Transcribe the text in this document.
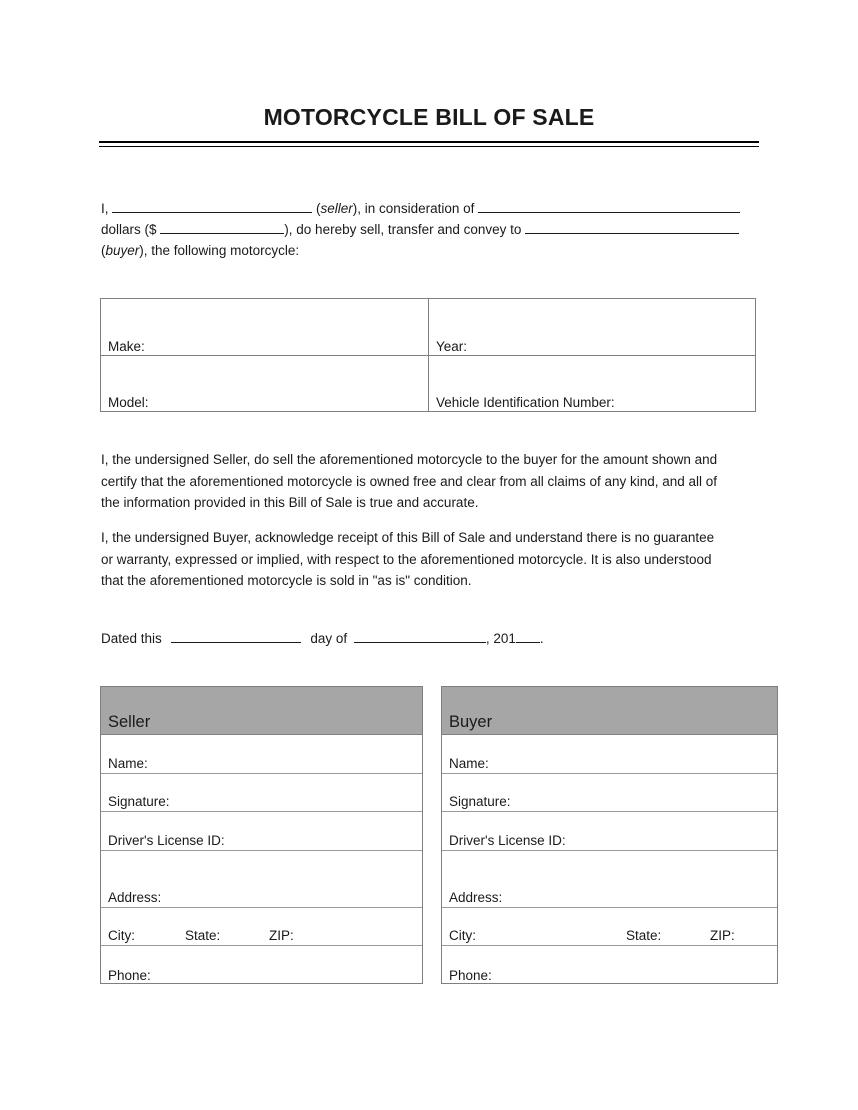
MOTORCYCLE BILL OF SALE
I,	(seller), in consideration of
dollars ($	), do hereby sell, transfer and convey to
(buyer), the following motorcycle:
Make:	Year:
Model:	Vehicle Identification Number:
I, the undersigned Seller, do sell the aforementioned motorcycle to the buyer for the amount shown and
certify that the aforementioned motorcycle is owned free and clear from all claims of any kind, and all of
the information provided in this Bill of Sale is true and accurate.
I, the undersigned Buyer, acknowledge receipt of this Bill of Sale and understand there is no guarantee
or warranty, expressed or implied, with respect to the aforementioned motorcycle. It is also understood
that the aforementioned motorcycle is sold in "as is" condition.
Dated this	day of	, 201 .
Seller
Name:
Signature:
Driver's License ID:
Address:
City:	State:	ZIP:
Phone:
Buyer
Name:
Signature:
Driver's License ID:
Address:
City:	State:	ZIP:
Phone:
